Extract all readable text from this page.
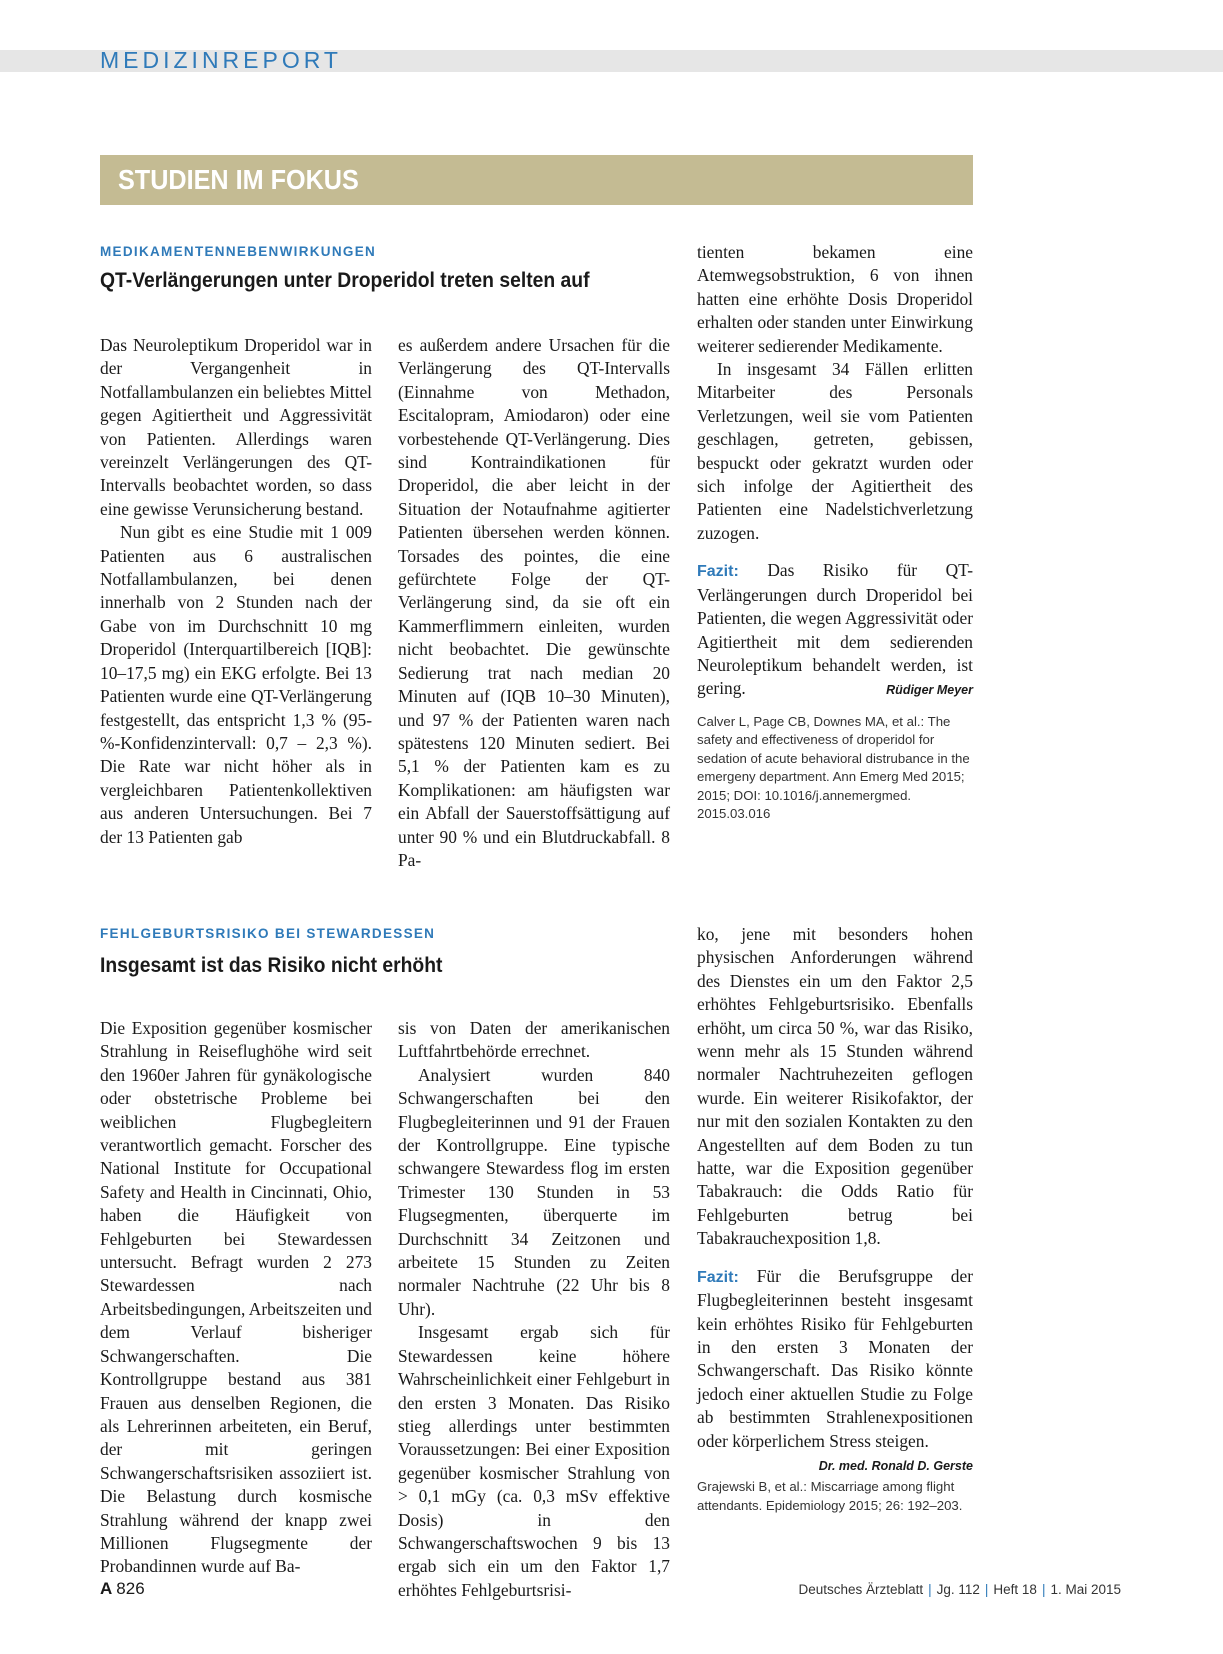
MEDIZINREPORT
STUDIEN IM FOKUS
MEDIKAMENTENNEBENWIRKUNGEN
QT-Verlängerungen unter Droperidol treten selten auf

Das Neuroleptikum Droperidol war in der Vergangenheit in Notfallambulanzen ein beliebtes Mittel gegen Agitiertheit und Aggressivität von Patienten. Allerdings waren vereinzelt Verlängerungen des QT-Intervalls beobachtet worden, so dass eine gewisse Verunsicherung bestand.

Nun gibt es eine Studie mit 1 009 Patienten aus 6 australischen Notfallambulanzen, bei denen innerhalb von 2 Stunden nach der Gabe von im Durchschnitt 10 mg Droperidol (Interquartilbereich [IQB]: 10–17,5 mg) ein EKG erfolgte. Bei 13 Patienten wurde eine QT-Verlängerung festgestellt, das entspricht 1,3 % (95-%-Konfidenzintervall: 0,7 – 2,3 %). Die Rate war nicht höher als in vergleichbaren Patientenkollektiven aus anderen Untersuchungen. Bei 7 der 13 Patienten gab

es außerdem andere Ursachen für die Verlängerung des QT-Intervalls (Einnahme von Methadon, Escitalopram, Amiodaron) oder eine vorbestehende QT-Verlängerung. Dies sind Kontraindikationen für Droperidol, die aber leicht in der Situation der Notaufnahme agitierter Patienten übersehen werden können. Torsades des pointes, die eine gefürchtete Folge der QT-Verlängerung sind, da sie oft ein Kammerflimmern einleiten, wurden nicht beobachtet. Die gewünschte Sedierung trat nach median 20 Minuten auf (IQB 10–30 Minuten), und 97 % der Patienten waren nach spätestens 120 Minuten sediert. Bei 5,1 % der Patienten kam es zu Komplikationen: am häufigsten war ein Abfall der Sauerstoffsättigung auf unter 90 % und ein Blutdruckabfall. 8 Pa-

tienten bekamen eine Atemwegsobstruktion, 6 von ihnen hatten eine erhöhte Dosis Droperidol erhalten oder standen unter Einwirkung weiterer sedierender Medikamente.

In insgesamt 34 Fällen erlitten Mitarbeiter des Personals Verletzungen, weil sie vom Patienten geschlagen, getreten, gebissen, bespuckt oder gekratzt wurden oder sich infolge der Agitiertheit des Patienten eine Nadelstichverletzung zuzogen.

Fazit: Das Risiko für QT-Verlängerungen durch Droperidol bei Patienten, die wegen Aggressivität oder Agitiertheit mit dem sedierenden Neuroleptikum behandelt werden, ist gering.	Rüdiger Meyer

Calver L, Page CB, Downes MA, et al.: The safety and effectiveness of droperidol for sedation of acute behavioral distrubance in the emergeny department. Ann Emerg Med 2015; 2015; DOI: 10.1016/j.annemergmed. 2015.03.016

FEHLGEBURTSRISIKO BEI STEWARDESSEN
Insgesamt ist das Risiko nicht erhöht

Die Exposition gegenüber kosmischer Strahlung in Reiseflughöhe wird seit den 1960er Jahren für gynäkologische oder obstetrische Probleme bei weiblichen Flugbegleitern verantwortlich gemacht. Forscher des National Institute for Occupational Safety and Health in Cincinnati, Ohio, haben die Häufigkeit von Fehlgeburten bei Stewardessen untersucht. Befragt wurden 2 273 Stewardessen nach Arbeitsbedingungen, Arbeitszeiten und dem Verlauf bisheriger Schwangerschaften. Die Kontrollgruppe bestand aus 381 Frauen aus denselben Regionen, die als Lehrerinnen arbeiteten, ein Beruf, der mit geringen Schwangerschaftsrisiken assoziiert ist. Die Belastung durch kosmische Strahlung während der knapp zwei Millionen Flugsegmente der Probandinnen wurde auf Ba-

sis von Daten der amerikanischen Luftfahrtbehörde errechnet.

Analysiert wurden 840 Schwangerschaften bei den Flugbegleiterinnen und 91 der Frauen der Kontrollgruppe. Eine typische schwangere Stewardess flog im ersten Trimester 130 Stunden in 53 Flugsegmenten, überquerte im Durchschnitt 34 Zeitzonen und arbeitete 15 Stunden zu Zeiten normaler Nachtruhe (22 Uhr bis 8 Uhr).

Insgesamt ergab sich für Stewardessen keine höhere Wahrscheinlichkeit einer Fehlgeburt in den ersten 3 Monaten. Das Risiko stieg allerdings unter bestimmten Voraussetzungen: Bei einer Exposition gegenüber kosmischer Strahlung von > 0,1 mGy (ca. 0,3 mSv effektive Dosis) in den Schwangerschaftswochen 9 bis 13 ergab sich ein um den Faktor 1,7 erhöhtes Fehlgeburtsrisi-

ko, jene mit besonders hohen physischen Anforderungen während des Dienstes ein um den Faktor 2,5 erhöhtes Fehlgeburtsrisiko. Ebenfalls erhöht, um circa 50 %, war das Risiko, wenn mehr als 15 Stunden während normaler Nachtruhezeiten geflogen wurde. Ein weiterer Risikofaktor, der nur mit den sozialen Kontakten zu den Angestellten auf dem Boden zu tun hatte, war die Exposition gegenüber Tabakrauch: die Odds Ratio für Fehlgeburten betrug bei Tabakrauchexposition 1,8.

Fazit: Für die Berufsgruppe der Flugbegleiterinnen besteht insgesamt kein erhöhtes Risiko für Fehlgeburten in den ersten 3 Monaten der Schwangerschaft. Das Risiko könnte jedoch einer aktuellen Studie zu Folge ab bestimmten Strahlenexpositionen oder körperlichem Stress steigen.
Dr. med. Ronald D. Gerste

Grajewski B, et al.: Miscarriage among flight attendants. Epidemiology 2015; 26: 192–203.

A 826	Deutsches Ärzteblatt | Jg. 112 | Heft 18 | 1. Mai 2015
